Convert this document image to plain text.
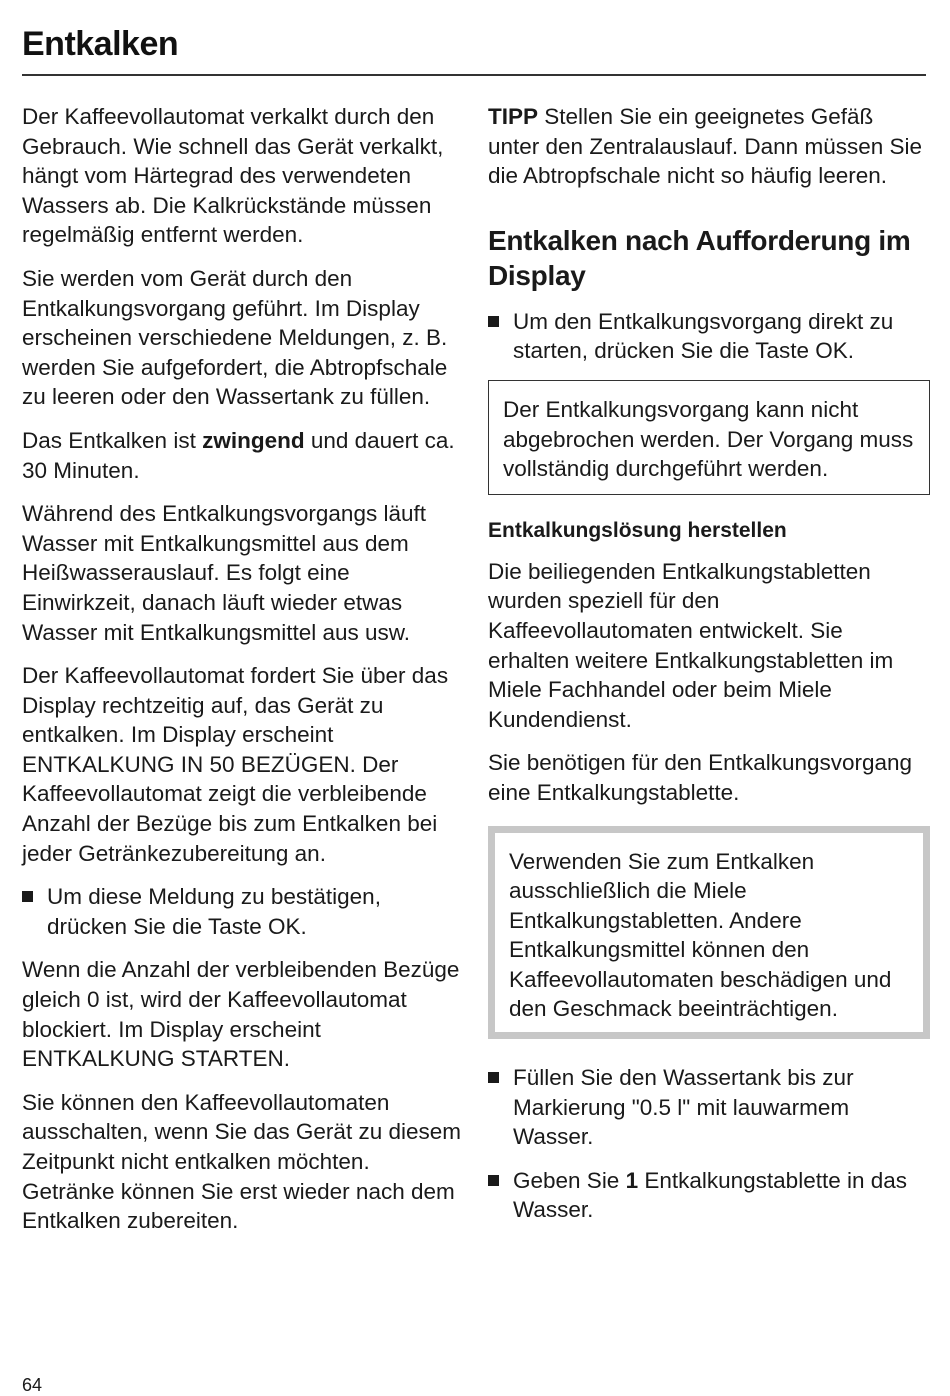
Entkalken

Der Kaffeevollautomat verkalkt durch den Gebrauch. Wie schnell das Gerät verkalkt, hängt vom Härtegrad des verwendeten Wassers ab. Die Kalkrückstände müssen regelmäßig entfernt werden.

Sie werden vom Gerät durch den Entkalkungsvorgang geführt. Im Display erscheinen verschiedene Meldungen, z. B. werden Sie aufgefordert, die Abtropfschale zu leeren oder den Wassertank zu füllen.

Das Entkalken ist zwingend und dauert ca. 30 Minuten.

Während des Entkalkungsvorgangs läuft Wasser mit Entkalkungsmittel aus dem Heißwasserauslauf. Es folgt eine Einwirkzeit, danach läuft wieder etwas Wasser mit Entkalkungsmittel aus usw.

Der Kaffeevollautomat fordert Sie über das Display rechtzeitig auf, das Gerät zu entkalken. Im Display erscheint ENTKALKUNG IN 50 BEZÜGEN. Der Kaffeevollautomat zeigt die verbleibende Anzahl der Bezüge bis zum Entkalken bei jeder Getränkezubereitung an.

Um diese Meldung zu bestätigen, drücken Sie die Taste OK.

Wenn die Anzahl der verbleibenden Bezüge gleich 0 ist, wird der Kaffeevollautomat blockiert. Im Display erscheint ENTKALKUNG STARTEN.

Sie können den Kaffeevollautomaten ausschalten, wenn Sie das Gerät zu diesem Zeitpunkt nicht entkalken möchten. Getränke können Sie erst wieder nach dem Entkalken zubereiten.

TIPP Stellen Sie ein geeignetes Gefäß unter den Zentralauslauf. Dann müssen Sie die Abtropfschale nicht so häufig leeren.

Entkalken nach Aufforderung im Display
Um den Entkalkungsvorgang direkt zu starten, drücken Sie die Taste OK.
Der Entkalkungsvorgang kann nicht abgebrochen werden. Der Vorgang muss vollständig durchgeführt werden.
Entkalkungslösung herstellen

Die beiliegenden Entkalkungstabletten wurden speziell für den Kaffeevollautomaten entwickelt. Sie erhalten weitere Entkalkungstabletten im Miele Fachhandel oder beim Miele Kundendienst.

Sie benötigen für den Entkalkungsvorgang eine Entkalkungstablette.

Verwenden Sie zum Entkalken ausschließlich die Miele Entkalkungstabletten. Andere Entkalkungsmittel können den Kaffeevollautomaten beschädigen und den Geschmack beeinträchtigen.
Füllen Sie den Wassertank bis zur Markierung "0.5 l" mit lauwarmem Wasser.
Geben Sie 1 Entkalkungstablette in das Wasser.
64
